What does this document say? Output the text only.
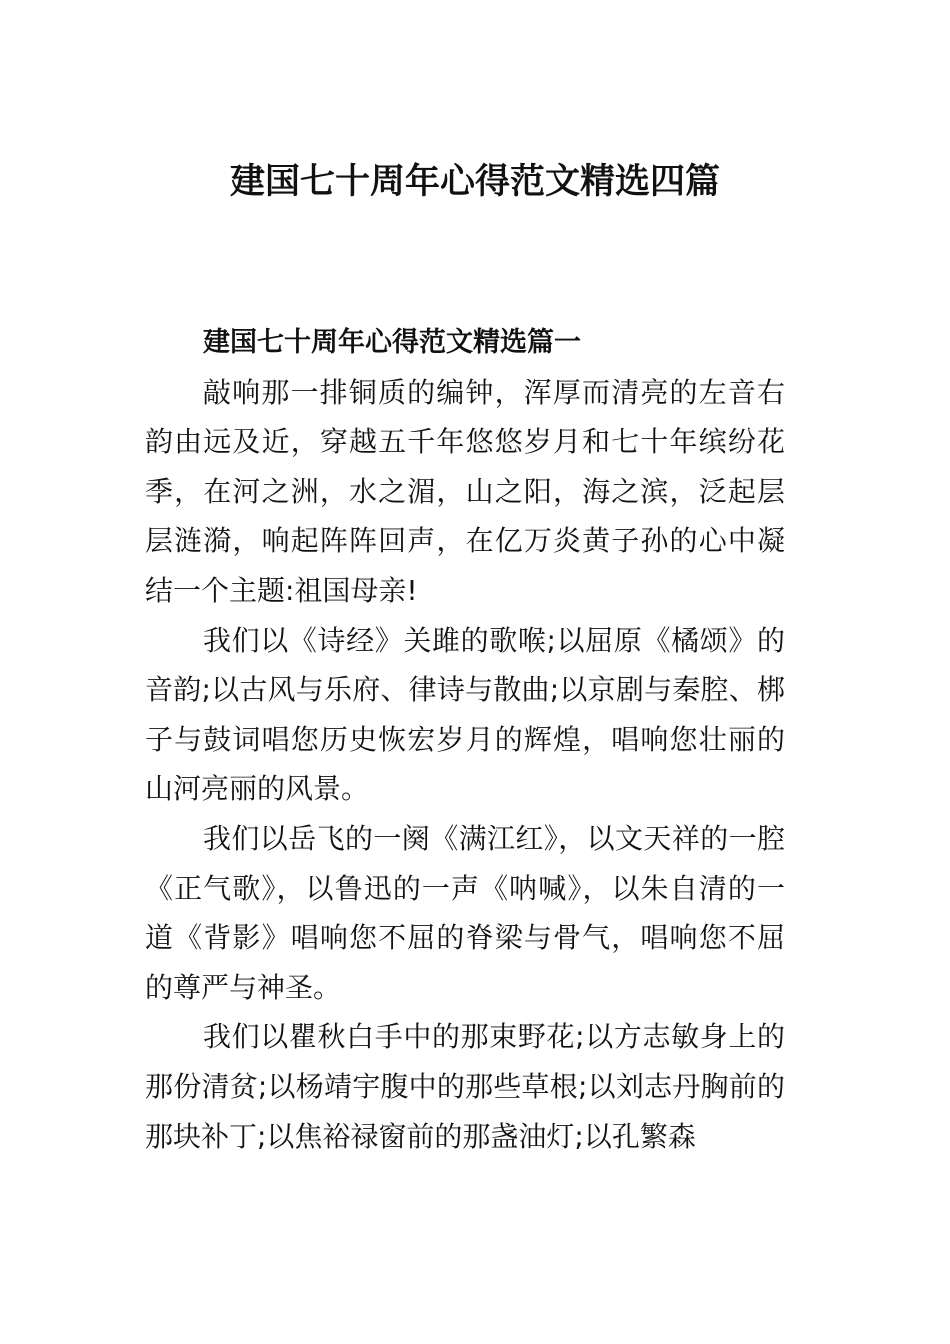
建国七十周年心得范文精选四篇
建国七十周年心得范文精选篇一

敲响那一排铜质的编钟，浑厚而清亮的左音右韵由远及近，穿越五千年悠悠岁月和七十年缤纷花季，在河之洲，水之湄，山之阳，海之滨，泛起层层涟漪，响起阵阵回声，在亿万炎黄子孙的心中凝结一个主题:祖国母亲!

我们以《诗经》关雎的歌喉;以屈原《橘颂》的音韵;以古风与乐府、律诗与散曲;以京剧与秦腔、梆子与鼓词唱您历史恢宏岁月的辉煌，唱响您壮丽的山河亮丽的风景。

我们以岳飞的一阕《满江红》，以文天祥的一腔《正气歌》，以鲁迅的一声《呐喊》，以朱自清的一道《背影》唱响您不屈的脊梁与骨气，唱响您不屈的尊严与神圣。

我们以瞿秋白手中的那束野花;以方志敏身上的那份清贫;以杨靖宇腹中的那些草根;以刘志丹胸前的那块补丁;以焦裕禄窗前的那盏油灯;以孔繁森
